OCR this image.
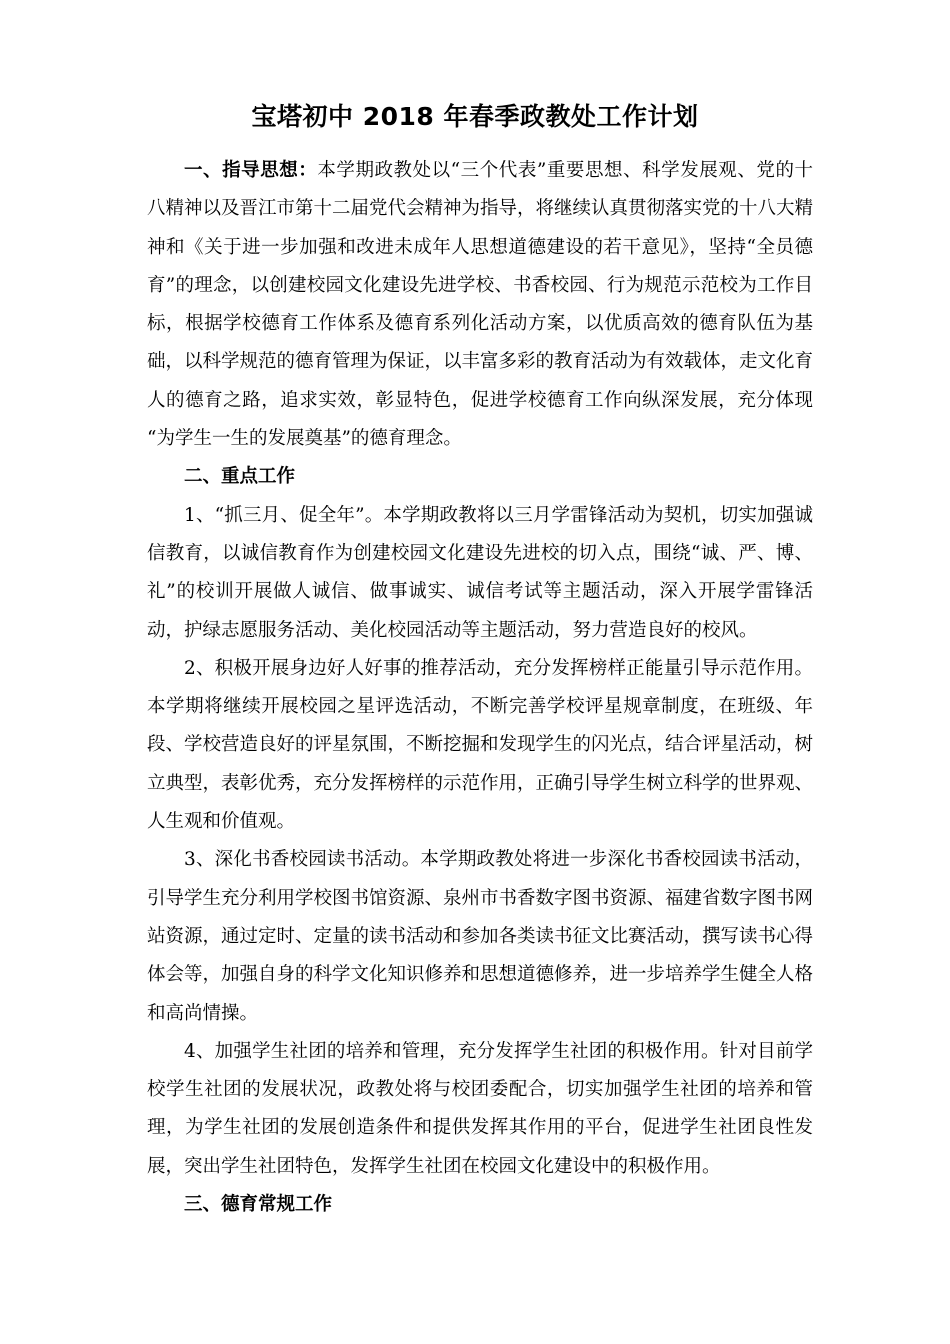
宝塔初中 2018 年春季政教处工作计划

一、指导思想：本学期政教处以“三个代表”重要思想、科学发展观、党的十八精神以及晋江市第十二届党代会精神为指导，将继续认真贯彻落实党的十八大精神和《关于进一步加强和改进未成年人思想道德建设的若干意见》，坚持“全员德育”的理念，以创建校园文化建设先进学校、书香校园、行为规范示范校为工作目标，根据学校德育工作体系及德育系列化活动方案，以优质高效的德育队伍为基础，以科学规范的德育管理为保证，以丰富多彩的教育活动为有效载体，走文化育人的德育之路，追求实效，彰显特色，促进学校德育工作向纵深发展，充分体现 “为学生一生的发展奠基”的德育理念。

二、重点工作

1、“抓三月、促全年”。本学期政教将以三月学雷锋活动为契机，切实加强诚信教育，以诚信教育作为创建校园文化建设先进校的切入点，围绕“诚、严、博、礼”的校训开展做人诚信、做事诚实、诚信考试等主题活动，深入开展学雷锋活动，护绿志愿服务活动、美化校园活动等主题活动，努力营造良好的校风。

2、积极开展身边好人好事的推荐活动，充分发挥榜样正能量引导示范作用。本学期将继续开展校园之星评选活动，不断完善学校评星规章制度，在班级、年段、学校营造良好的评星氛围，不断挖掘和发现学生的闪光点，结合评星活动，树立典型，表彰优秀，充分发挥榜样的示范作用，正确引导学生树立科学的世界观、人生观和价值观。

3、深化书香校园读书活动。本学期政教处将进一步深化书香校园读书活动，引导学生充分利用学校图书馆资源、泉州市书香数字图书资源、福建省数字图书网站资源，通过定时、定量的读书活动和参加各类读书征文比赛活动，撰写读书心得体会等，加强自身的科学文化知识修养和思想道德修养，进一步培养学生健全人格和高尚情操。

4、加强学生社团的培养和管理，充分发挥学生社团的积极作用。针对目前学校学生社团的发展状况，政教处将与校团委配合，切实加强学生社团的培养和管理，为学生社团的发展创造条件和提供发挥其作用的平台，促进学生社团良性发展，突出学生社团特色，发挥学生社团在校园文化建设中的积极作用。

三、德育常规工作
